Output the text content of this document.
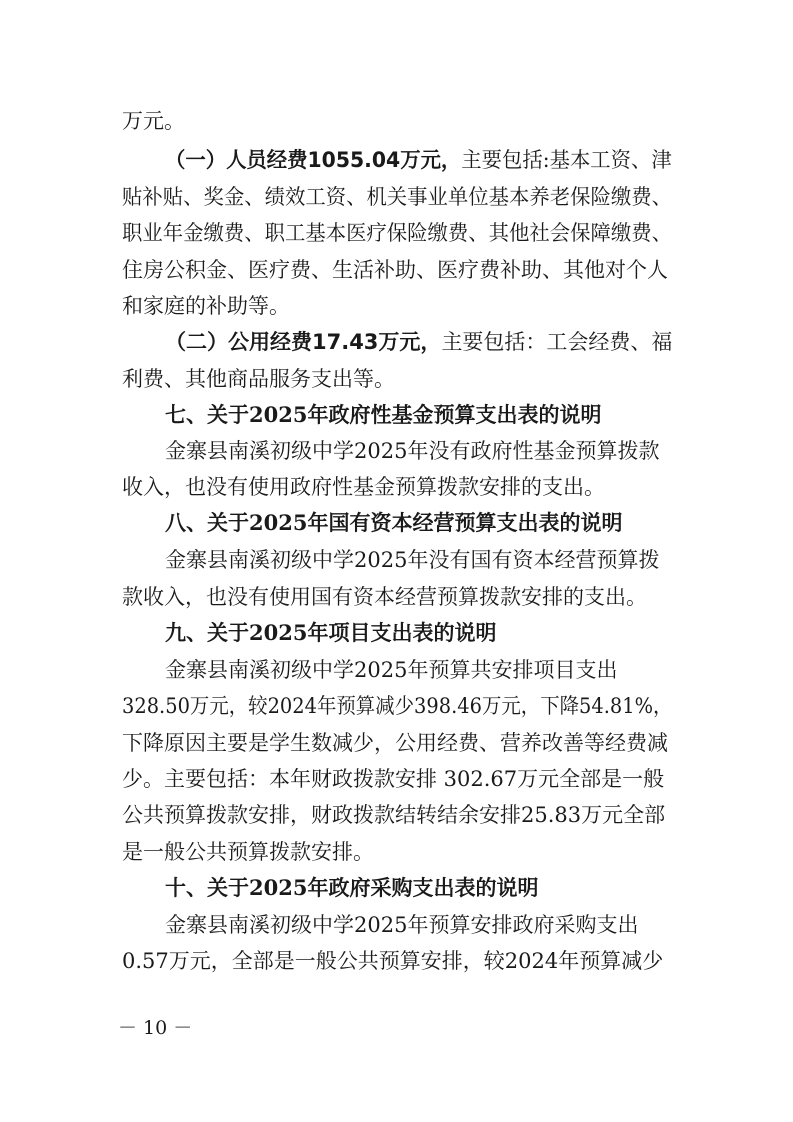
万元。
（一）人员经费1055.04万元，主要包括:基本工资、津
贴补贴、奖金、绩效工资、机关事业单位基本养老保险缴费、
职业年金缴费、职工基本医疗保险缴费、其他社会保障缴费、
住房公积金、医疗费、生活补助、医疗费补助、其他对个人
和家庭的补助等。
（二）公用经费17.43万元，主要包括：工会经费、福
利费、其他商品服务支出等。
七、关于2025年政府性基金预算支出表的说明
金寨县南溪初级中学2025年没有政府性基金预算拨款
收入，也没有使用政府性基金预算拨款安排的支出。
八、关于2025年国有资本经营预算支出表的说明
金寨县南溪初级中学2025年没有国有资本经营预算拨
款收入，也没有使用国有资本经营预算拨款安排的支出。
九、关于2025年项目支出表的说明
金寨县南溪初级中学2025年预算共安排项目支出
328.50万元，较2024年预算减少398.46万元，下降54.81%，
下降原因主要是学生数减少，公用经费、营养改善等经费减
少。主要包括：本年财政拨款安排 302.67万元全部是一般
公共预算拨款安排，财政拨款结转结余安排25.83万元全部
是一般公共预算拨款安排。
十、关于2025年政府采购支出表的说明
金寨县南溪初级中学2025年预算安排政府采购支出
0.57万元，全部是一般公共预算安排，较2024年预算减少
－ 10 －
